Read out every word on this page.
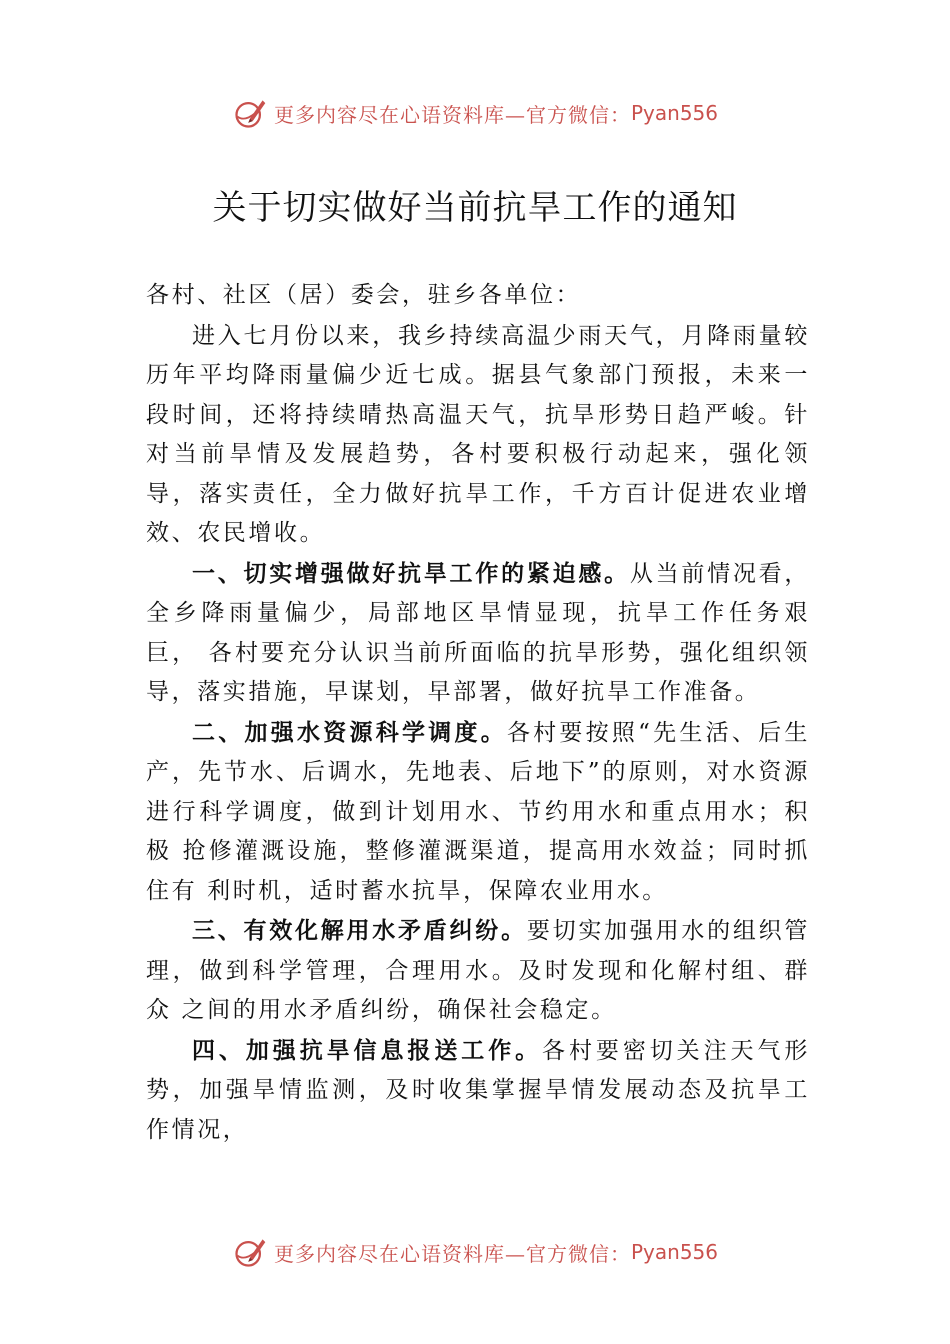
更多内容尽在心语资料库—官方微信： Pyan556
关于切实做好当前抗旱工作的通知

各村、社区（居）委会，驻乡各单位：

进入七月份以来，我乡持续高温少雨天气，月降雨量较历年平均降雨量偏少近七成。据县气象部门预报，未来一段时间，还将持续晴热高温天气，抗旱形势日趋严峻。针对当前旱情及发展趋势，各村要积极行动起来，强化领导，落实责任，全力做好抗旱工作，千方百计促进农业增效、农民增收。

一、切实增强做好抗旱工作的紧迫感。从当前情况看，全乡降雨量偏少，局部地区旱情显现，抗旱工作任务艰巨， 各村要充分认识当前所面临的抗旱形势，强化组织领导，落实措施，早谋划，早部署，做好抗旱工作准备。

二、加强水资源科学调度。各村要按照“先生活、后生产，先节水、后调水，先地表、后地下”的原则，对水资源 进行科学调度，做到计划用水、节约用水和重点用水；积极 抢修灌溉设施，整修灌溉渠道，提高用水效益；同时抓住有 利时机，适时蓄水抗旱，保障农业用水。

三、有效化解用水矛盾纠纷。要切实加强用水的组织管理，做到科学管理，合理用水。及时发现和化解村组、群众 之间的用水矛盾纠纷，确保社会稳定。

四、加强抗旱信息报送工作。各村要密切关注天气形势，加强旱情监测，及时收集掌握旱情发展动态及抗旱工作情况，

更多内容尽在心语资料库—官方微信： Pyan556
